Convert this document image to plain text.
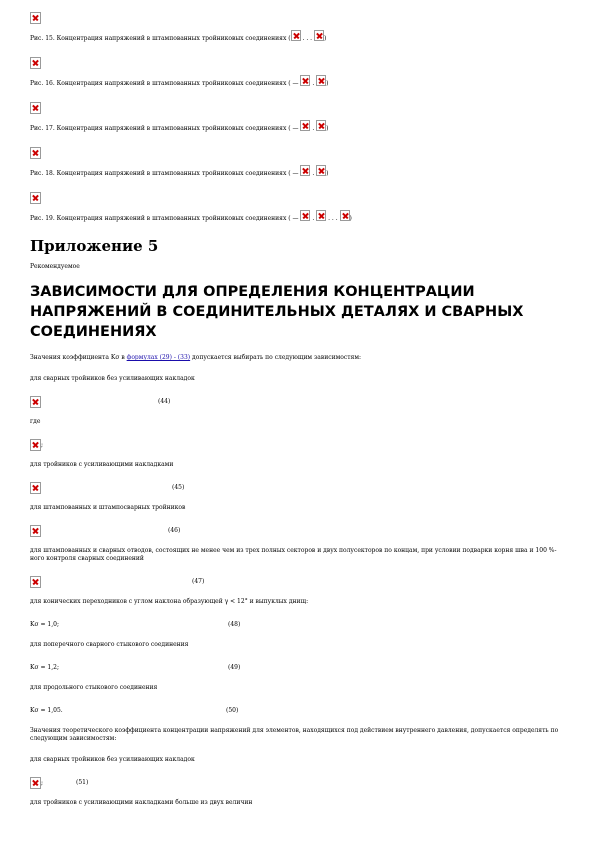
Рис. 15. Концентрация напряжений в штампованных тройниковых соединениях ( . . . )
Рис. 16. Концентрация напряжений в штампованных тройниковых соединениях ( —  . )
Рис. 17. Концентрация напряжений в штампованных тройниковых соединениях ( —  . )
Рис. 18. Концентрация напряжений в штампованных тройниковых соединениях ( —  . )
Рис. 19. Концентрация напряжений в штампованных тройниковых соединениях ( —  .  . . . )
Приложение 5
Рекомендуемое
ЗАВИСИМОСТИ ДЛЯ ОПРЕДЕЛЕНИЯ КОНЦЕНТРАЦИИ НАПРЯЖЕНИЙ В СОЕДИНИТЕЛЬНЫХ ДЕТАЛЯХ И СВАРНЫХ СОЕДИНЕНИЯХ

Значения коэффициента Kσ в формулах (29) - (33) допускается выбирать по следующим зависимостям:

для сварных тройников без усиливающих накладок

(44)

где

;

для тройников с усиливающими накладками

(45)

для штампованных и штампосварных тройников

(46)

для штампованных и сварных отводов, состоящих не менее чем из трех полных секторов и двух полусекторов по концам, при условии подварки корня шва и 100 %-ного контроля сварных соединений

(47)

для конических переходников с углом наклона образующей γ < 12° и выпуклых днищ:

Kσ = 1,0;	(48)

для поперечного сварного стыкового соединения

Kσ = 1,2;	(49)

для продольного стыкового соединения

Kσ = 1,05.	(50)

Значения теоретического коэффициента концентрации напряжений для элементов, находящихся под действием внутреннего давления, допускается определять по следующим зависимостям:

для сварных тройников без усиливающих накладок

;	(51)

для тройников с усиливающими накладками больше из двух величин
